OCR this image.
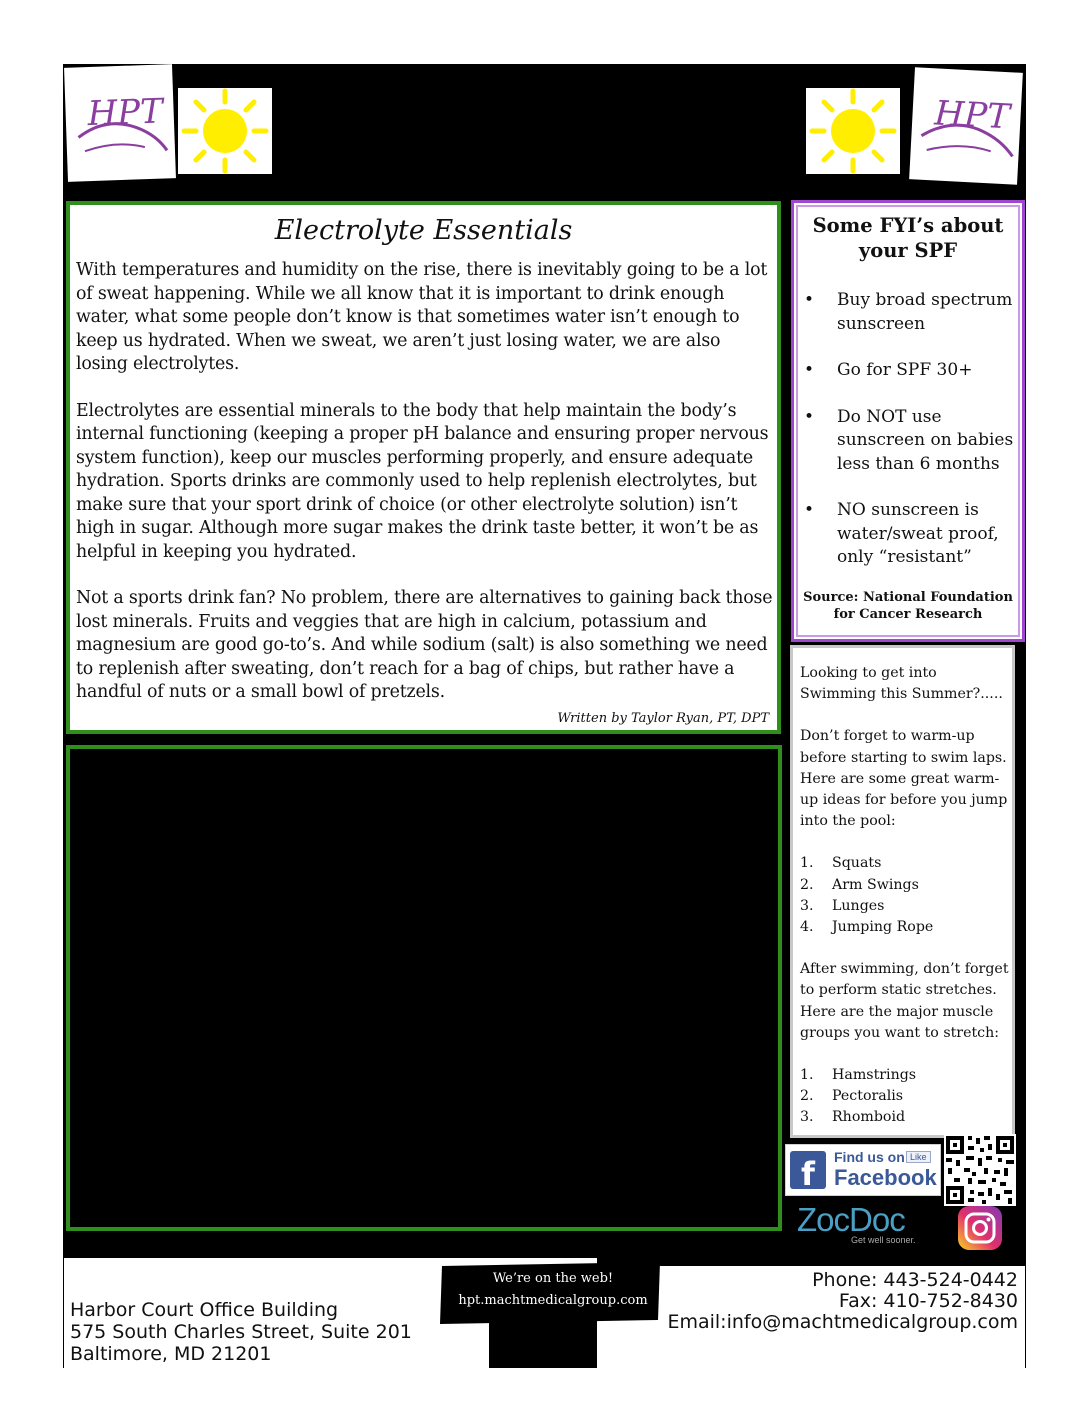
HPT	HPT
Electrolyte Essentials

With temperatures and humidity on the rise, there is inevitably going to be a lot of sweat happening. While we all know that it is important to drink enough water, what some people don’t know is that sometimes water isn’t enough to keep us hydrated. When we sweat, we aren’t just losing water, we are also losing electrolytes.

Electrolytes are essential minerals to the body that help maintain the body’s internal functioning (keeping a proper pH balance and ensuring proper nervous system function), keep our muscles performing properly, and ensure adequate hydration. Sports drinks are commonly used to help replenish electrolytes, but make sure that your sport drink of choice (or other electrolyte solution) isn’t high in sugar. Although more sugar makes the drink taste better, it won’t be as helpful in keeping you hydrated.

Not a sports drink fan? No problem, there are alternatives to gaining back those lost minerals. Fruits and veggies that are high in calcium, potassium and magnesium are good go-to’s. And while sodium (salt) is also something we need to replenish after sweating, don’t reach for a bag of chips, but rather have a handful of nuts or a small bowl of pretzels.

Written by Taylor Ryan, PT, DPT
Some FYI’s about your SPF
• Buy broad spectrum sunscreen
• Go for SPF 30+
• Do NOT use sunscreen on babies less than 6 months
• NO sunscreen is water/sweat proof, only “resistant”
Source: National Foundation for Cancer Research

Looking to get into Swimming this Summer?.....

Don’t forget to warm-up before starting to swim laps. Here are some great warm-up ideas for before you jump into the pool:

1. Squats
2. Arm Swings
3. Lunges
4. Jumping Rope

After swimming, don’t forget to perform static stretches. Here are the major muscle groups you want to stretch:

1. Hamstrings
2. Pectoralis
3. Rhomboid
f Find us on Like
Facebook
ZocDoc
Get well sooner.
We’re on the web!
hpt.machtmedicalgroup.com
Harbor Court Office Building
575 South Charles Street, Suite 201
Baltimore, MD 21201
Phone: 443-524-0442
Fax: 410-752-8430
Email:info@machtmedicalgroup.com
